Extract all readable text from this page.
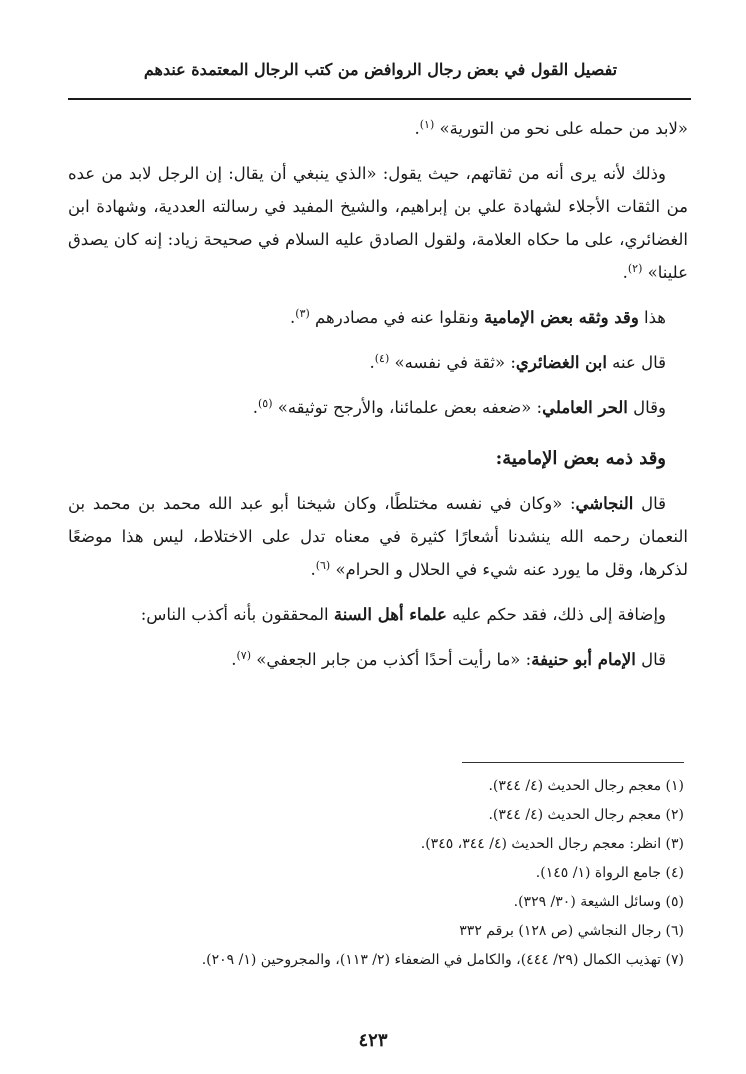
تفصيل القول في بعض رجال الروافض من كتب الرجال المعتمدة عندهم

«لابد من حمله على نحو من التورية» $^{(١)}$.

وذلك لأنه يرى أنه من ثقاتهم، حيث يقول: «الذي ينبغي أن يقال: إن الرجل لابد من عده من الثقات الأجلاء لشهادة علي بن إبراهيم، والشيخ المفيد في رسالته العددية، وشهادة ابن الغضائري، على ما حكاه العلامة، ولقول الصادق عليه السلام في صحيحة زياد: إنه كان يصدق علينا» $^{(٢)}$.

هذا وقد وثقه بعض الإمامية ونقلوا عنه في مصادرهم $^{(٣)}$.

قال عنه ابن الغضائري: «ثقة في نفسه» $^{(٤)}$.

وقال الحر العاملي: «ضعفه بعض علمائنا، والأرجح توثيقه» $^{(٥)}$.

وقد ذمه بعض الإمامية:

قال النجاشي: «وكان في نفسه مختلطًا، وكان شيخنا أبو عبد الله محمد بن محمد بن النعمان رحمه الله ينشدنا أشعارًا كثيرة في معناه تدل على الاختلاط، ليس هذا موضعًا لذكرها، وقل ما يورد عنه شيء في الحلال و الحرام» $^{(٦)}$.

وإضافة إلى ذلك، فقد حكم عليه علماء أهل السنة المحققون بأنه أكذب الناس:

قال الإمام أبو حنيفة: «ما رأيت أحدًا أكذب من جابر الجعفي» $^{(٧)}$.

(١) معجم رجال الحديث (٤/ ٣٤٤).
(٢) معجم رجال الحديث (٤/ ٣٤٤).
(٣) انظر: معجم رجال الحديث (٤/ ٣٤٤، ٣٤٥).
(٤) جامع الرواة (١/ ١٤٥).
(٥) وسائل الشيعة (٣٠/ ٣٢٩).
(٦) رجال النجاشي (ص ١٢٨) برقم ٣٣٢
(٧) تهذيب الكمال (٢٩/ ٤٤٤)، والكامل في الضعفاء (٢/ ١١٣)، والمجروحين (١/ ٢٠٩).
٤٢٣
